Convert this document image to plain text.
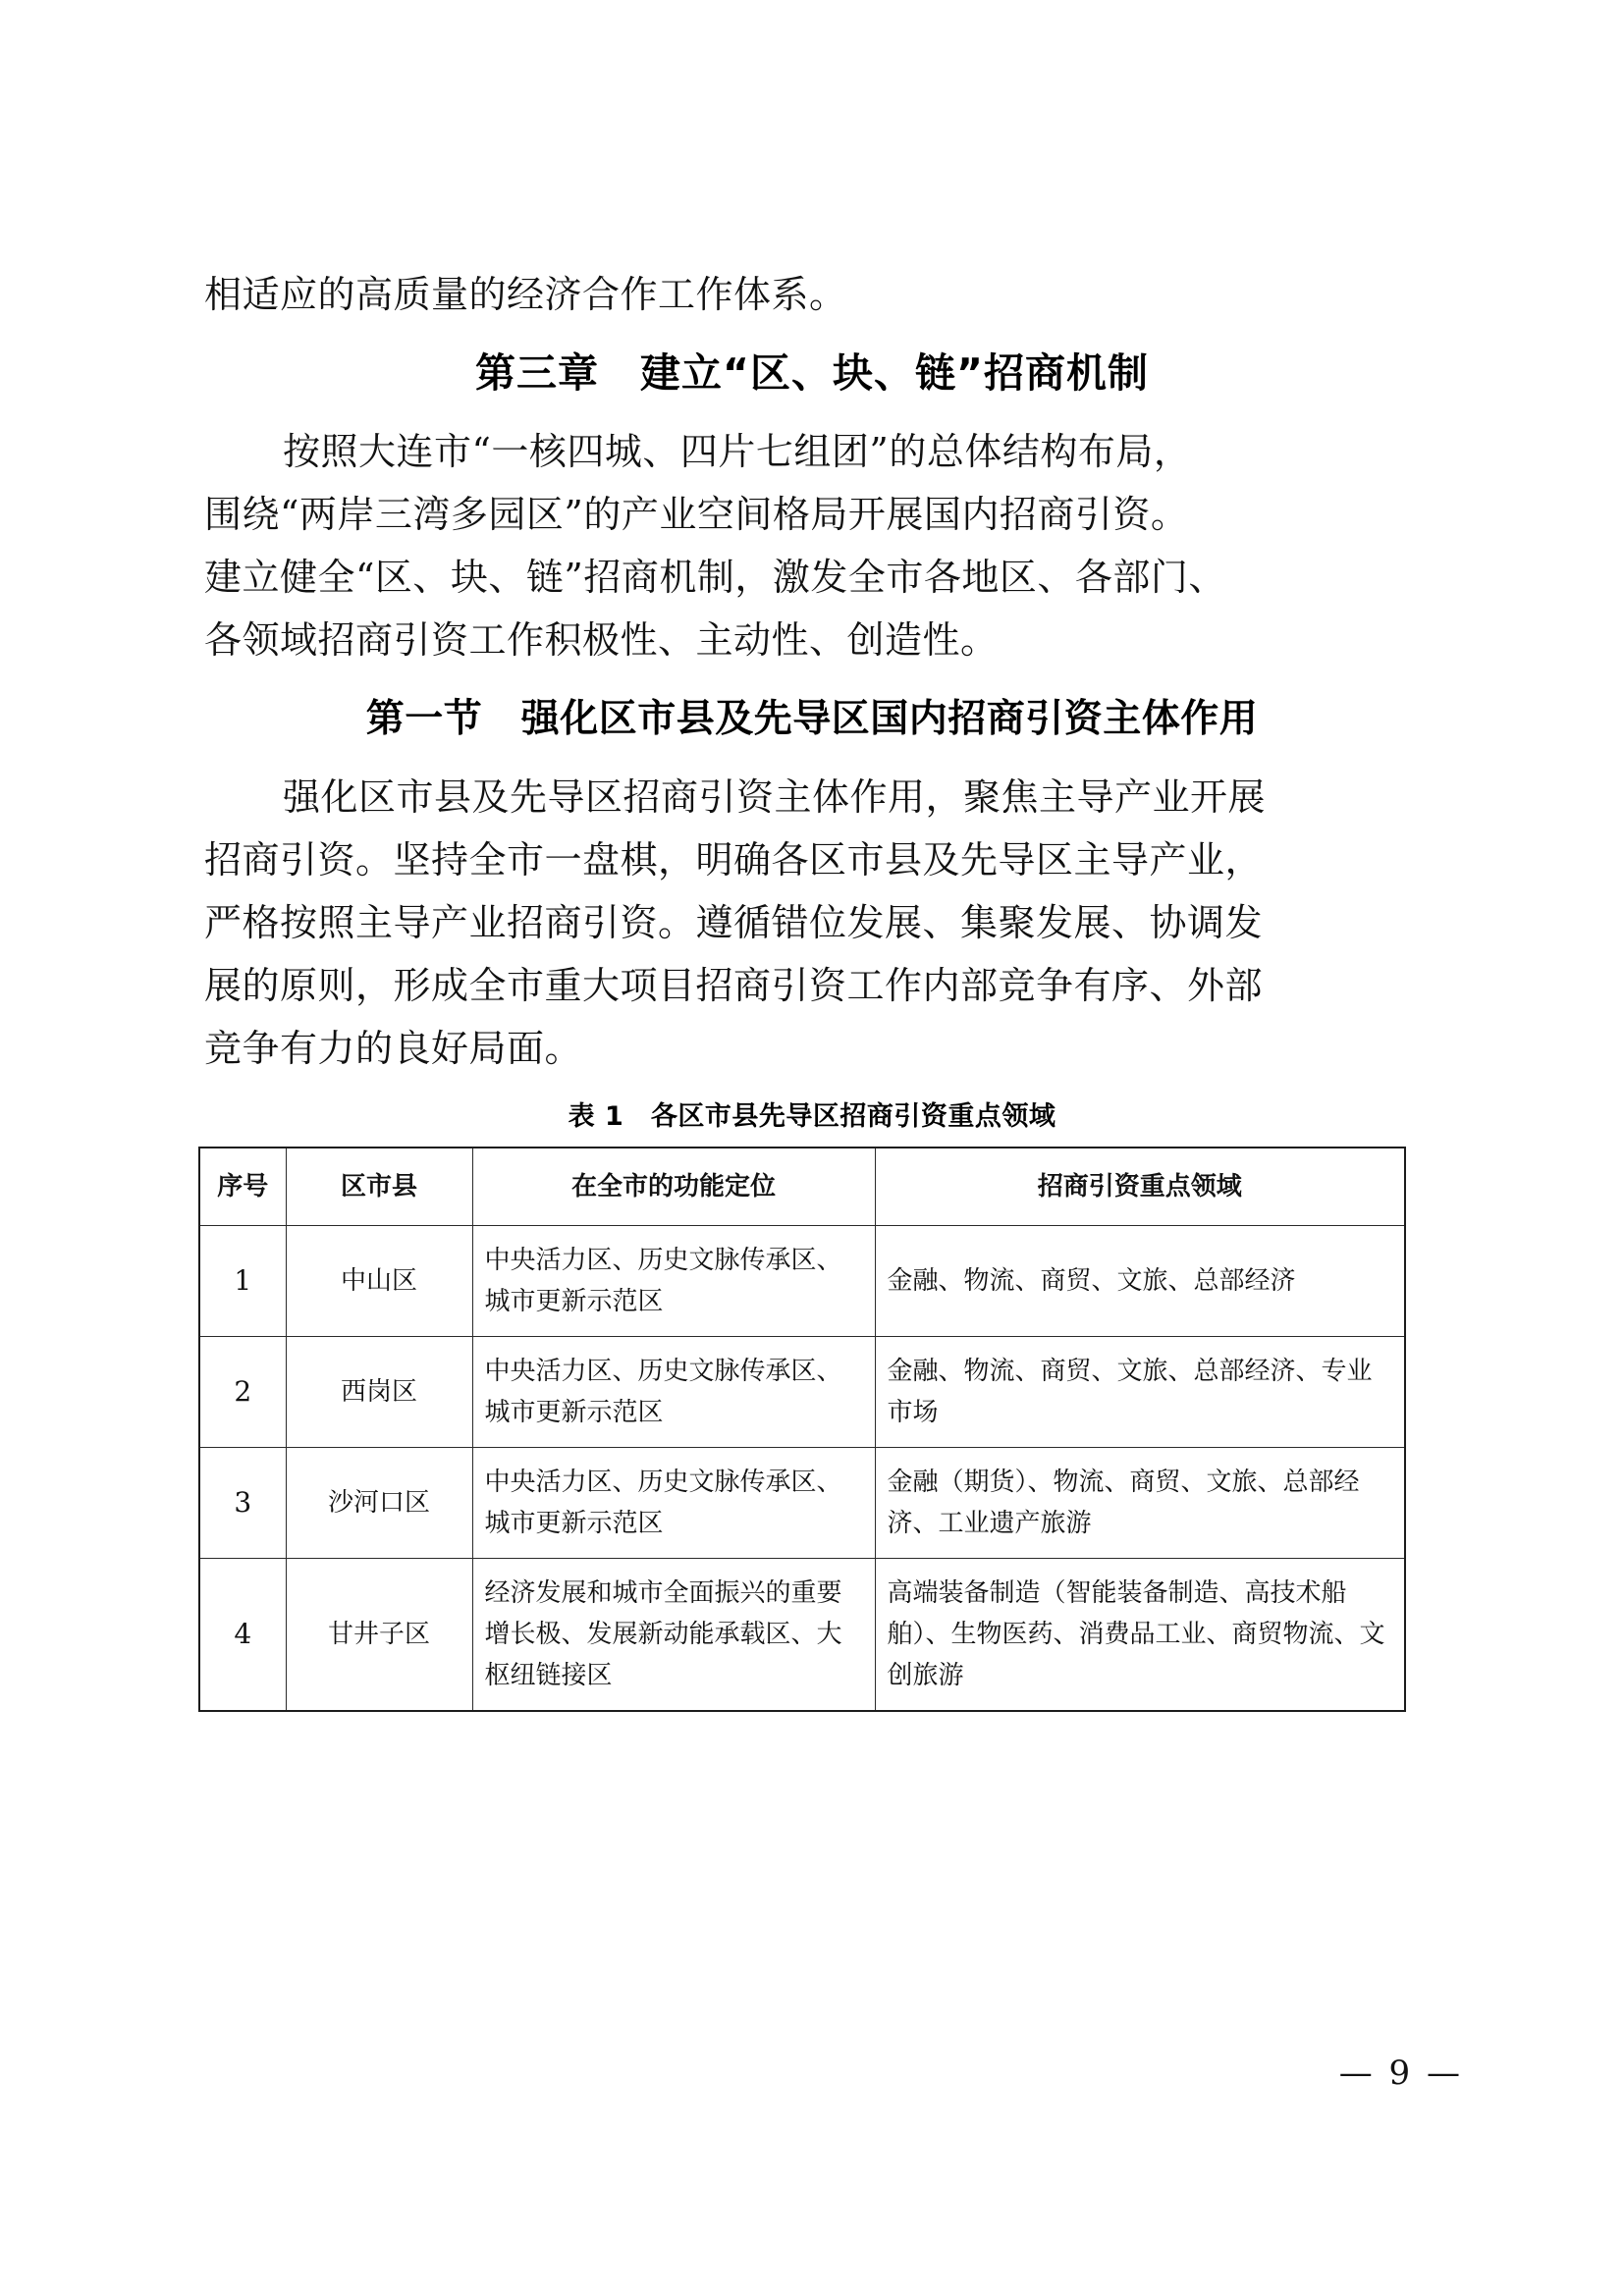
相适应的高质量的经济合作工作体系。
第三章　建立“区、块、链”招商机制
按照大连市“一核四城、四片七组团”的总体结构布局，
围绕“两岸三湾多园区”的产业空间格局开展国内招商引资。
建立健全“区、块、链”招商机制，激发全市各地区、各部门、
各领域招商引资工作积极性、主动性、创造性。
第一节　强化区市县及先导区国内招商引资主体作用
强化区市县及先导区招商引资主体作用，聚焦主导产业开展
招商引资。坚持全市一盘棋，明确各区市县及先导区主导产业，
严格按照主导产业招商引资。遵循错位发展、集聚发展、协调发
展的原则，形成全市重大项目招商引资工作内部竞争有序、外部
竞争有力的良好局面。
表 1　各区市县先导区招商引资重点领域
序号	区市县	在全市的功能定位	招商引资重点领域
1	中山区	中央活力区、历史文脉传承区、城市更新示范区	金融、物流、商贸、文旅、总部经济
2	西岗区	中央活力区、历史文脉传承区、城市更新示范区	金融、物流、商贸、文旅、总部经济、专业市场
3	沙河口区	中央活力区、历史文脉传承区、城市更新示范区	金融（期货）、物流、商贸、文旅、总部经济、工业遗产旅游
4	甘井子区	经济发展和城市全面振兴的重要增长极、发展新动能承载区、大枢纽链接区	高端装备制造（智能装备制造、高技术船舶）、生物医药、消费品工业、商贸物流、文创旅游
— 9 —
